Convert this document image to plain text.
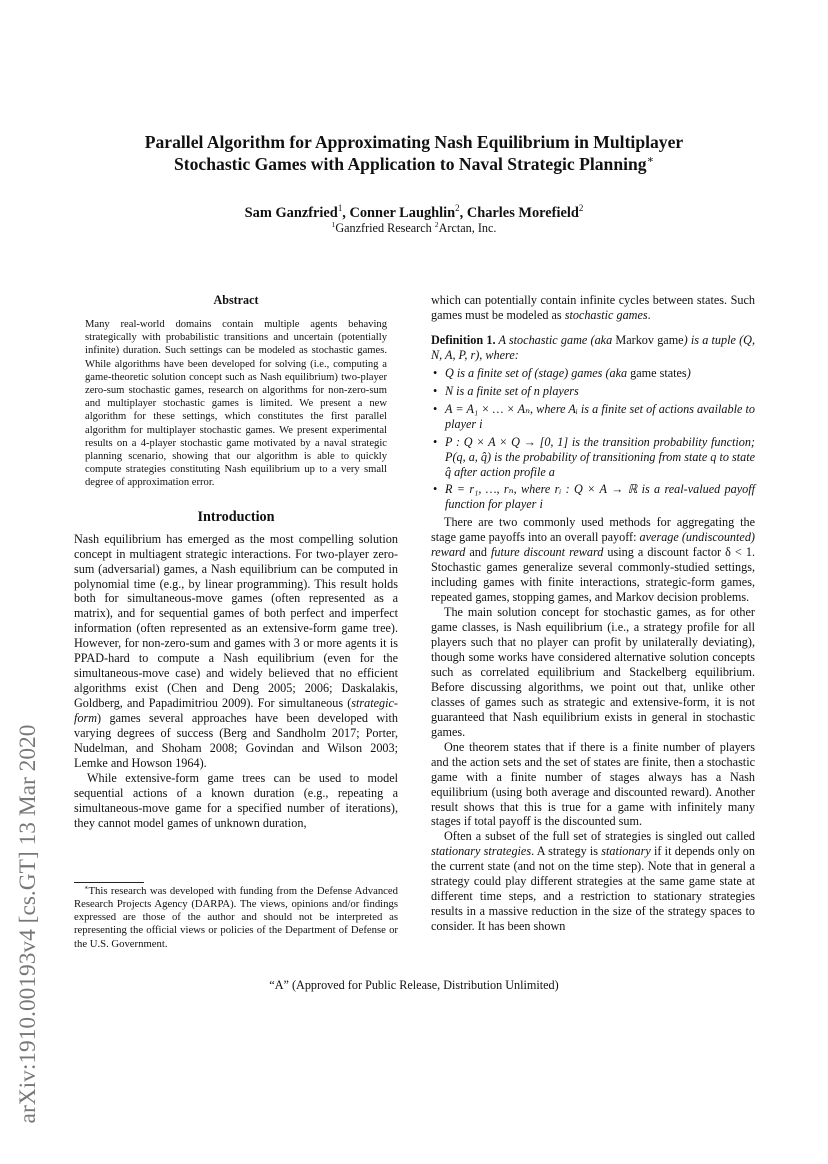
arXiv:1910.00193v4 [cs.GT] 13 Mar 2020
Parallel Algorithm for Approximating Nash Equilibrium in Multiplayer
Stochastic Games with Application to Naval Strategic Planning∗
Sam Ganzfried$^1$, Conner Laughlin$^2$, Charles Morefield$^2$
$^1$Ganzfried Research $^2$Arctan, Inc.
Abstract
Many real-world domains contain multiple agents behaving strategically with probabilistic transitions and uncertain (potentially infinite) duration. Such settings can be modeled as stochastic games. While algorithms have been developed for solving (i.e., computing a game-theoretic solution concept such as Nash equilibrium) two-player zero-sum stochastic games, research on algorithms for non-zero-sum and multiplayer stochastic games is limited. We present a new algorithm for these settings, which constitutes the first parallel algorithm for multiplayer stochastic games. We present experimental results on a 4-player stochastic game motivated by a naval strategic planning scenario, showing that our algorithm is able to quickly compute strategies constituting Nash equilibrium up to a very small degree of approximation error.
Introduction

Nash equilibrium has emerged as the most compelling solution concept in multiagent strategic interactions. For two-player zero-sum (adversarial) games, a Nash equilibrium can be computed in polynomial time (e.g., by linear programming). This result holds both for simultaneous-move games (often represented as a matrix), and for sequential games of both perfect and imperfect information (often represented as an extensive-form game tree). However, for non-zero-sum and games with 3 or more agents it is PPAD-hard to compute a Nash equilibrium (even for the simultaneous-move case) and widely believed that no efficient algorithms exist (Chen and Deng 2005; 2006; Daskalakis, Goldberg, and Papadimitriou 2009). For simultaneous (strategic-form) games several approaches have been developed with varying degrees of success (Berg and Sandholm 2017; Porter, Nudelman, and Shoham 2008; Govindan and Wilson 2003; Lemke and Howson 1964).

While extensive-form game trees can be used to model sequential actions of a known duration (e.g., repeating a simultaneous-move game for a specified number of iterations), they cannot model games of unknown duration,

∗This research was developed with funding from the Defense Advanced Research Projects Agency (DARPA). The views, opinions and/or findings expressed are those of the author and should not be interpreted as representing the official views or policies of the Department of Defense or the U.S. Government.

which can potentially contain infinite cycles between states. Such games must be modeled as stochastic games.

Definition 1. A stochastic game (aka Markov game) is a tuple (Q, N, A, P, r), where:

• Q is a finite set of (stage) games (aka game states)
• N is a finite set of n players
• A = A₁ × … × Aₙ, where Aᵢ is a finite set of actions available to player i
• P : Q × A × Q → [0, 1] is the transition probability function; P(q, a, q̂) is the probability of transitioning from state q to state q̂ after action profile a
• R = r₁, …, rₙ, where rᵢ : Q × A → ℝ is a real-valued payoff function for player i

There are two commonly used methods for aggregating the stage game payoffs into an overall payoff: average (undiscounted) reward and future discount reward using a discount factor δ < 1. Stochastic games generalize several commonly-studied settings, including games with finite interactions, strategic-form games, repeated games, stopping games, and Markov decision problems.

The main solution concept for stochastic games, as for other game classes, is Nash equilibrium (i.e., a strategy profile for all players such that no player can profit by unilaterally deviating), though some works have considered alternative solution concepts such as correlated equilibrium and Stackelberg equilibrium. Before discussing algorithms, we point out that, unlike other classes of games such as strategic and extensive-form, it is not guaranteed that Nash equilibrium exists in general in stochastic games.

One theorem states that if there is a finite number of players and the action sets and the set of states are finite, then a stochastic game with a finite number of stages always has a Nash equilibrium (using both average and discounted reward). Another result shows that this is true for a game with infinitely many stages if total payoff is the discounted sum.

Often a subset of the full set of strategies is singled out called stationary strategies. A strategy is stationary if it depends only on the current state (and not on the time step). Note that in general a strategy could play different strategies at the same game state at different time steps, and a restriction to stationary strategies results in a massive reduction in the size of the strategy spaces to consider. It has been shown

“A” (Approved for Public Release, Distribution Unlimited)
